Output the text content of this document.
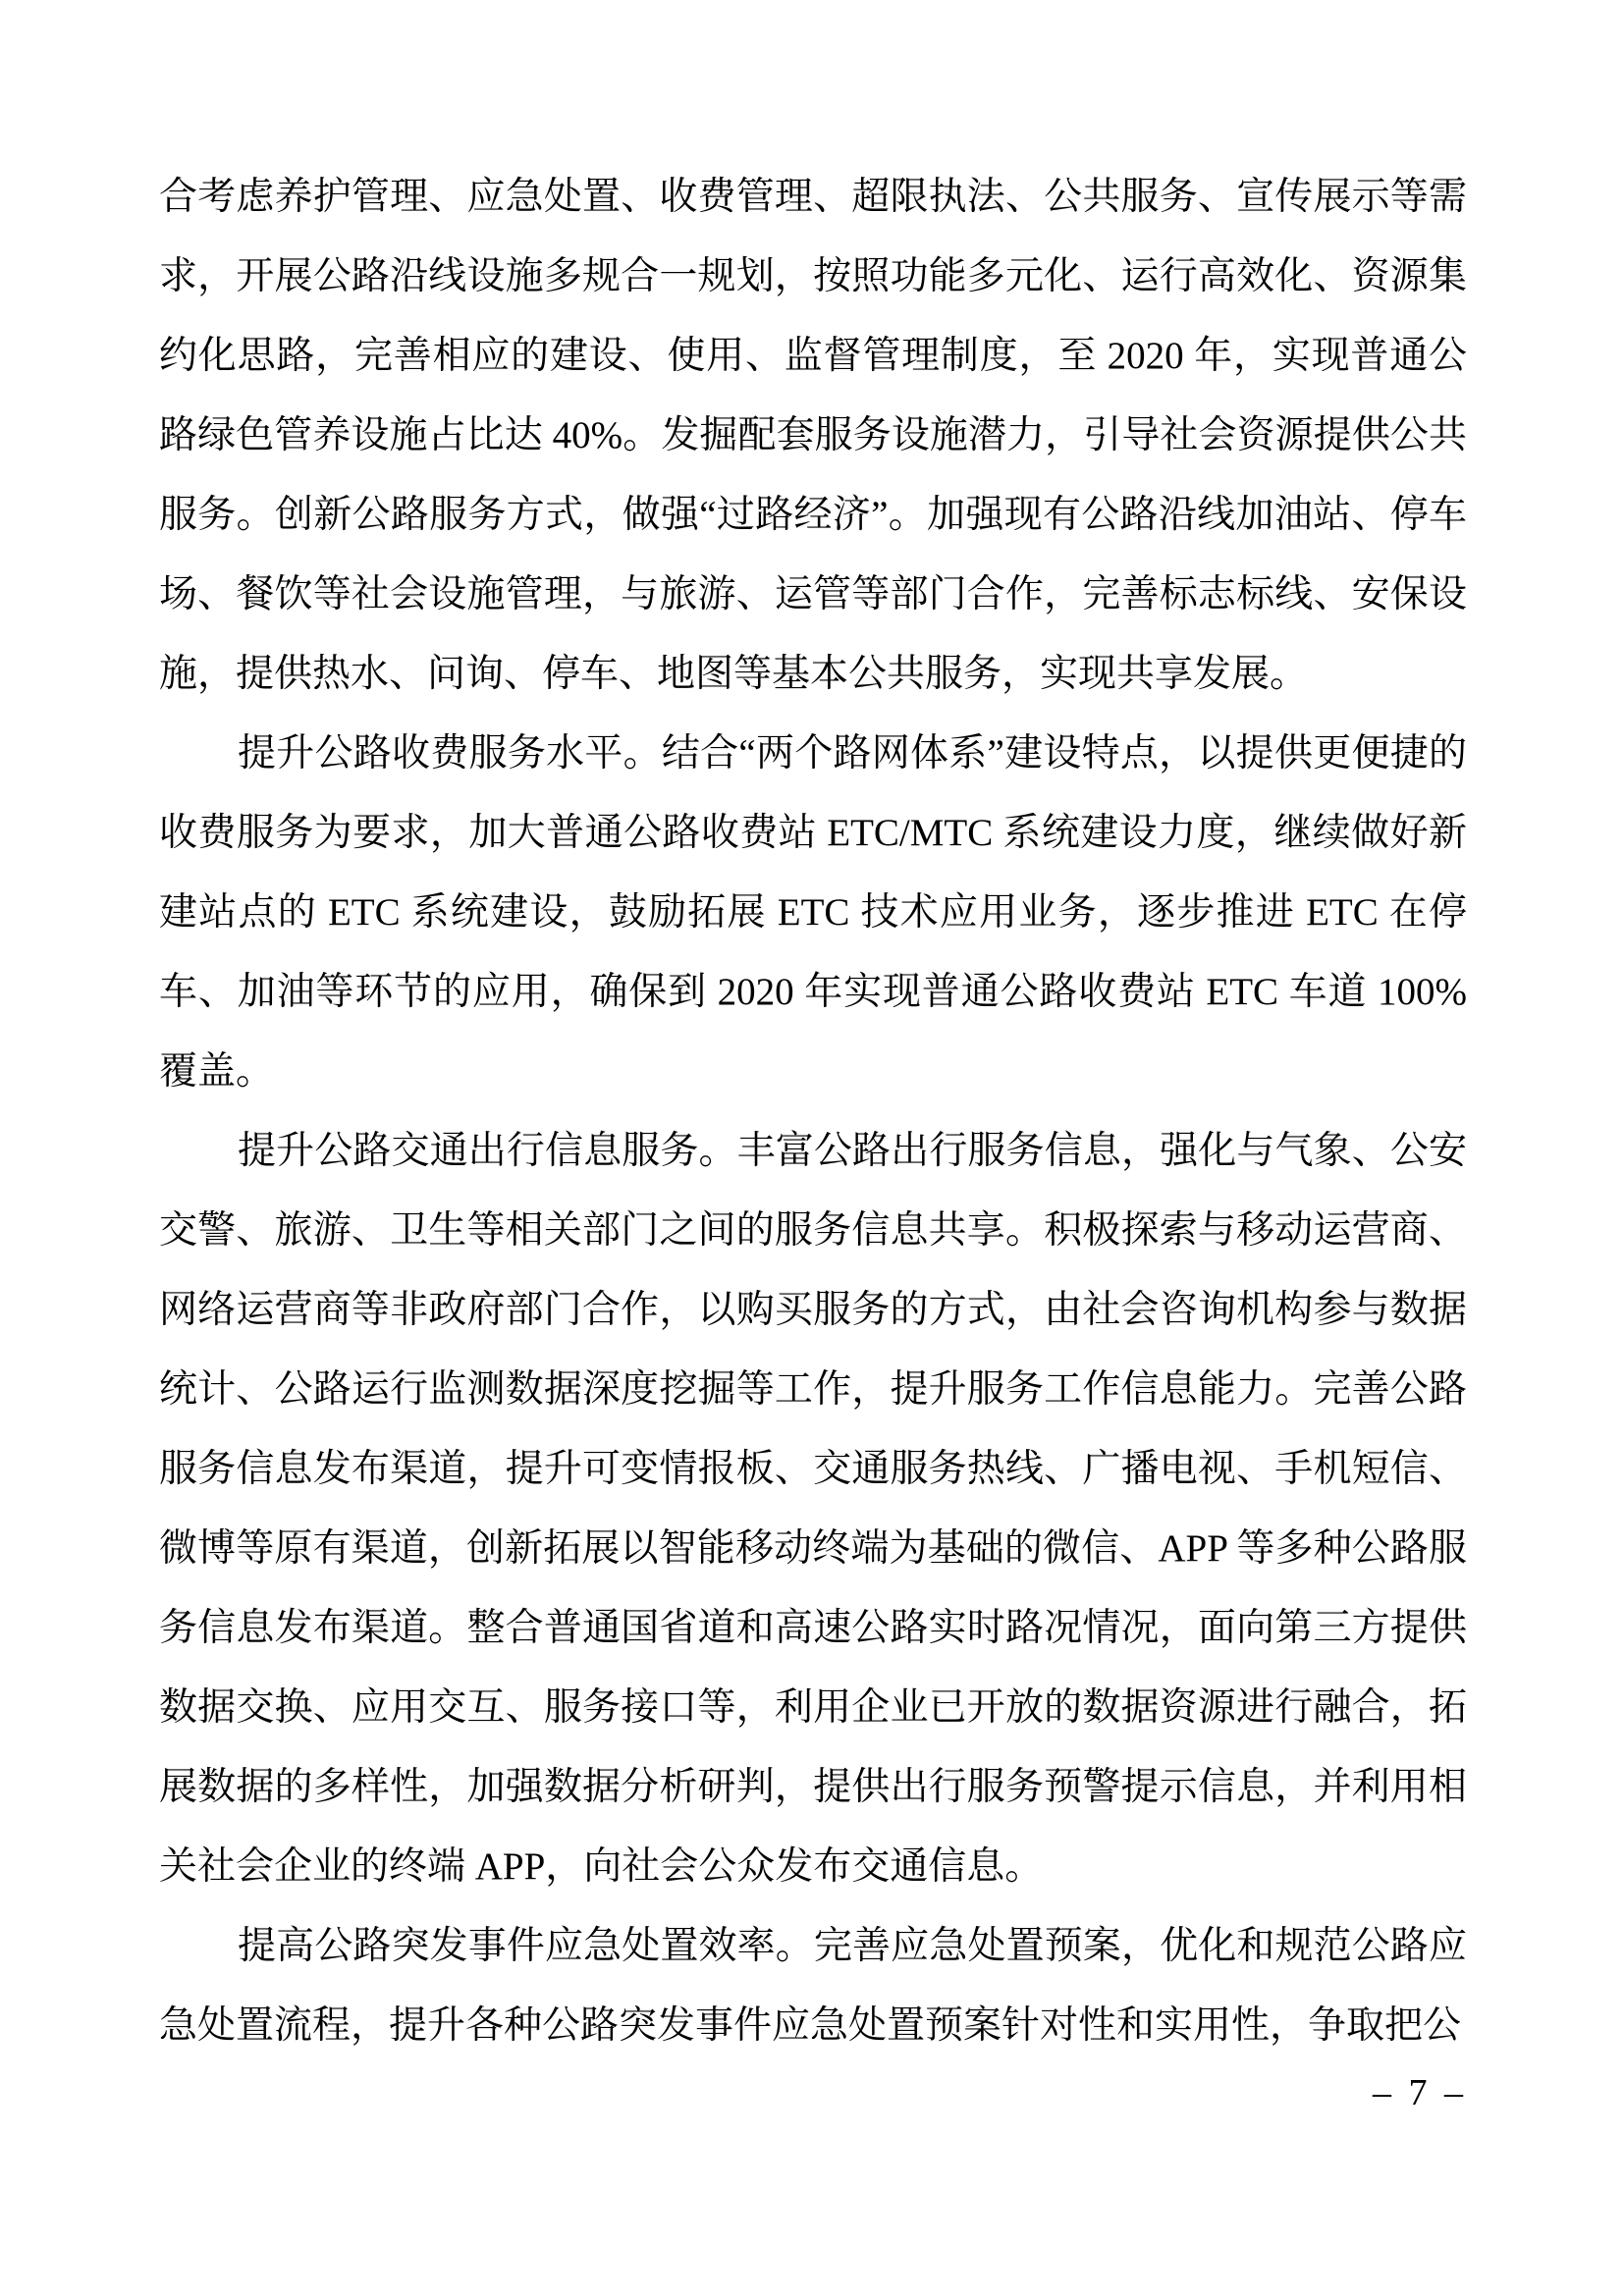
合考虑养护管理、应急处置、收费管理、超限执法、公共服务、宣传展示等需求，开展公路沿线设施多规合一规划，按照功能多元化、运行高效化、资源集约化思路，完善相应的建设、使用、监督管理制度，至 2020 年，实现普通公路绿色管养设施占比达 40%。发掘配套服务设施潜力，引导社会资源提供公共服务。创新公路服务方式，做强“过路经济”。加强现有公路沿线加油站、停车场、餐饮等社会设施管理，与旅游、运管等部门合作，完善标志标线、安保设施，提供热水、问询、停车、地图等基本公共服务，实现共享发展。

提升公路收费服务水平。结合“两个路网体系”建设特点，以提供更便捷的收费服务为要求，加大普通公路收费站 ETC/MTC 系统建设力度，继续做好新建站点的 ETC 系统建设，鼓励拓展 ETC 技术应用业务，逐步推进 ETC 在停车、加油等环节的应用，确保到 2020 年实现普通公路收费站 ETC 车道 100%覆盖。

提升公路交通出行信息服务。丰富公路出行服务信息，强化与气象、公安交警、旅游、卫生等相关部门之间的服务信息共享。积极探索与移动运营商、网络运营商等非政府部门合作，以购买服务的方式，由社会咨询机构参与数据统计、公路运行监测数据深度挖掘等工作，提升服务工作信息能力。完善公路服务信息发布渠道，提升可变情报板、交通服务热线、广播电视、手机短信、微博等原有渠道，创新拓展以智能移动终端为基础的微信、APP 等多种公路服务信息发布渠道。整合普通国省道和高速公路实时路况情况，面向第三方提供数据交换、应用交互、服务接口等，利用企业已开放的数据资源进行融合，拓展数据的多样性，加强数据分析研判，提供出行服务预警提示信息，并利用相关社会企业的终端 APP，向社会公众发布交通信息。

提高公路突发事件应急处置效率。完善应急处置预案，优化和规范公路应急处置流程，提升各种公路突发事件应急处置预案针对性和实用性，争取把公

– 7 –
